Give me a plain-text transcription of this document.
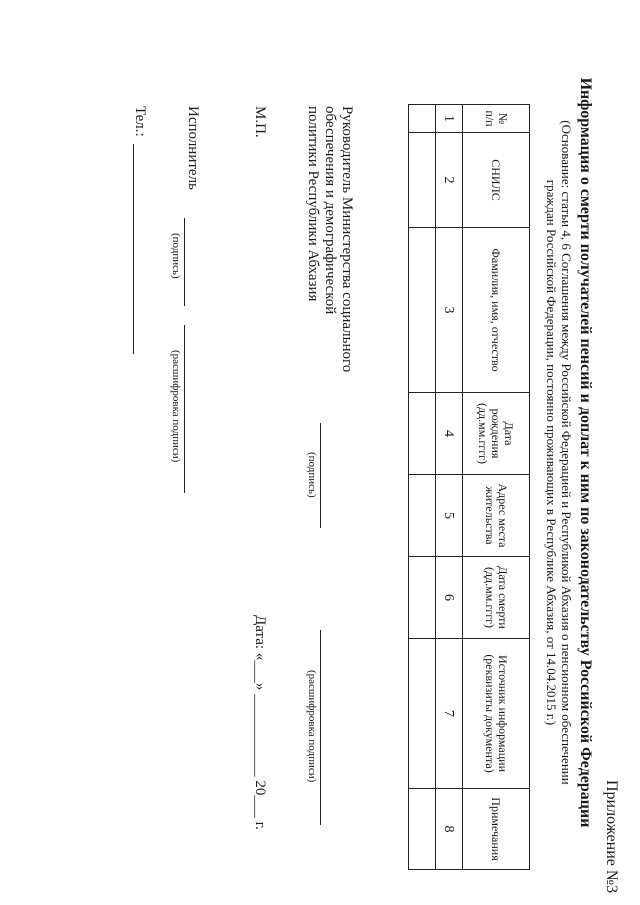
Приложение №3
Информация о смерти получателей пенсий и доплат к ним по законодательству Российской Федерации
(Основание: статьи 4, 6 Соглашения между Российской Федерацией и Республикой Абхазия о пенсионном обеспечении
граждан Российской Федерации, постоянно проживающих в Республике Абхазия, от 14.04.2015 г.)
№ п/п	СНИЛС	Фамилия, имя, отчество	Дата рождения (дд.мм.гггг)	Адрес места жительства	Дата смерти (дд.мм.гггг)	Источник информации (реквизиты документа)	Примечания
1	2	3	4	5	6	7	8

Руководитель Министерства социального
обеспечения и демографической
политики Республики Абхазия
(подпись)
(расшифровка подписи)
М.П.
Дата: «___» ___________ 20___ г.
Исполнитель
(подпись)
(расшифровка подписи)
Тел.:
